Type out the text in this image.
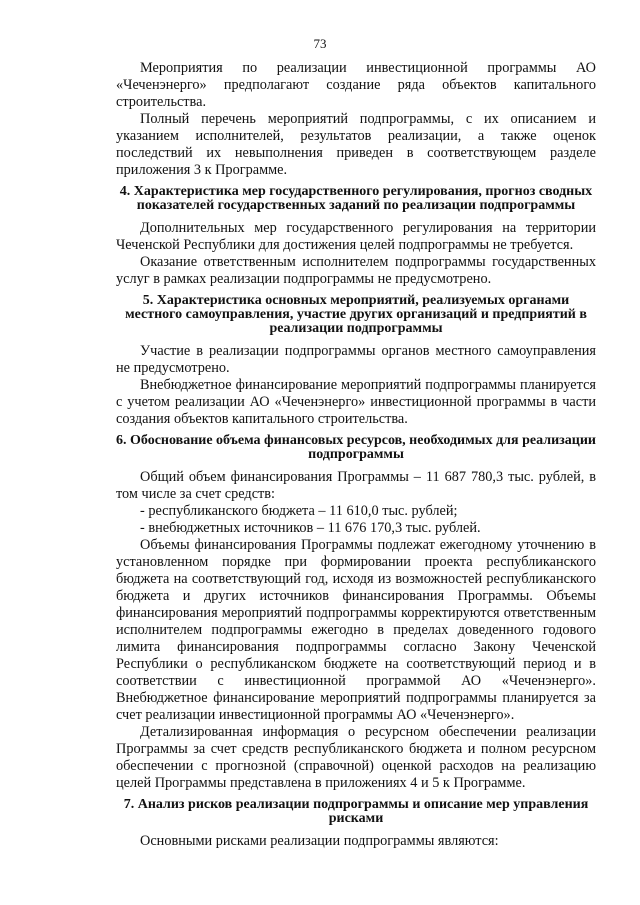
73

Мероприятия по реализации инвестиционной программы АО «Чеченэнерго» предполагают создание ряда объектов капитального строительства.

Полный перечень мероприятий подпрограммы, с их описанием и указанием исполнителей, результатов реализации, а также оценок последствий их невыполнения приведен в соответствующем разделе приложения 3 к Программе.

4. Характеристика мер государственного регулирования, прогноз сводных показателей государственных заданий по реализации подпрограммы

Дополнительных мер государственного регулирования на территории Чеченской Республики для достижения целей подпрограммы не требуется.

Оказание ответственным исполнителем подпрограммы государственных услуг в рамках реализации подпрограммы не предусмотрено.

5. Характеристика основных мероприятий, реализуемых органами местного самоуправления, участие других организаций и предприятий в реализации подпрограммы

Участие в реализации подпрограммы органов местного самоуправления не предусмотрено.

Внебюджетное финансирование мероприятий подпрограммы планируется с учетом реализации АО «Чеченэнерго» инвестиционной программы в части создания объектов капитального строительства.

6. Обоснование объема финансовых ресурсов, необходимых для реализации подпрограммы

Общий объем финансирования Программы – 11 687 780,3 тыс. рублей, в том числе за счет средств:

- республиканского бюджета – 11 610,0 тыс. рублей;

- внебюджетных источников – 11 676 170,3 тыс. рублей.

Объемы финансирования Программы подлежат ежегодному уточнению в установленном порядке при формировании проекта республиканского бюджета на соответствующий год, исходя из возможностей республиканского бюджета и других источников финансирования Программы. Объемы финансирования мероприятий подпрограммы корректируются ответственным исполнителем подпрограммы ежегодно в пределах доведенного годового лимита финансирования подпрограммы согласно Закону Чеченской Республики о республиканском бюджете на соответствующий период и в соответствии с инвестиционной программой АО «Чеченэнерго». Внебюджетное финансирование мероприятий подпрограммы планируется за счет реализации инвестиционной программы АО «Чеченэнерго».

Детализированная информация о ресурсном обеспечении реализации Программы за счет средств республиканского бюджета и полном ресурсном обеспечении с прогнозной (справочной) оценкой расходов на реализацию целей Программы представлена в приложениях 4 и 5 к Программе.

7. Анализ рисков реализации подпрограммы и описание мер управления рисками

Основными рисками реализации подпрограммы являются:
